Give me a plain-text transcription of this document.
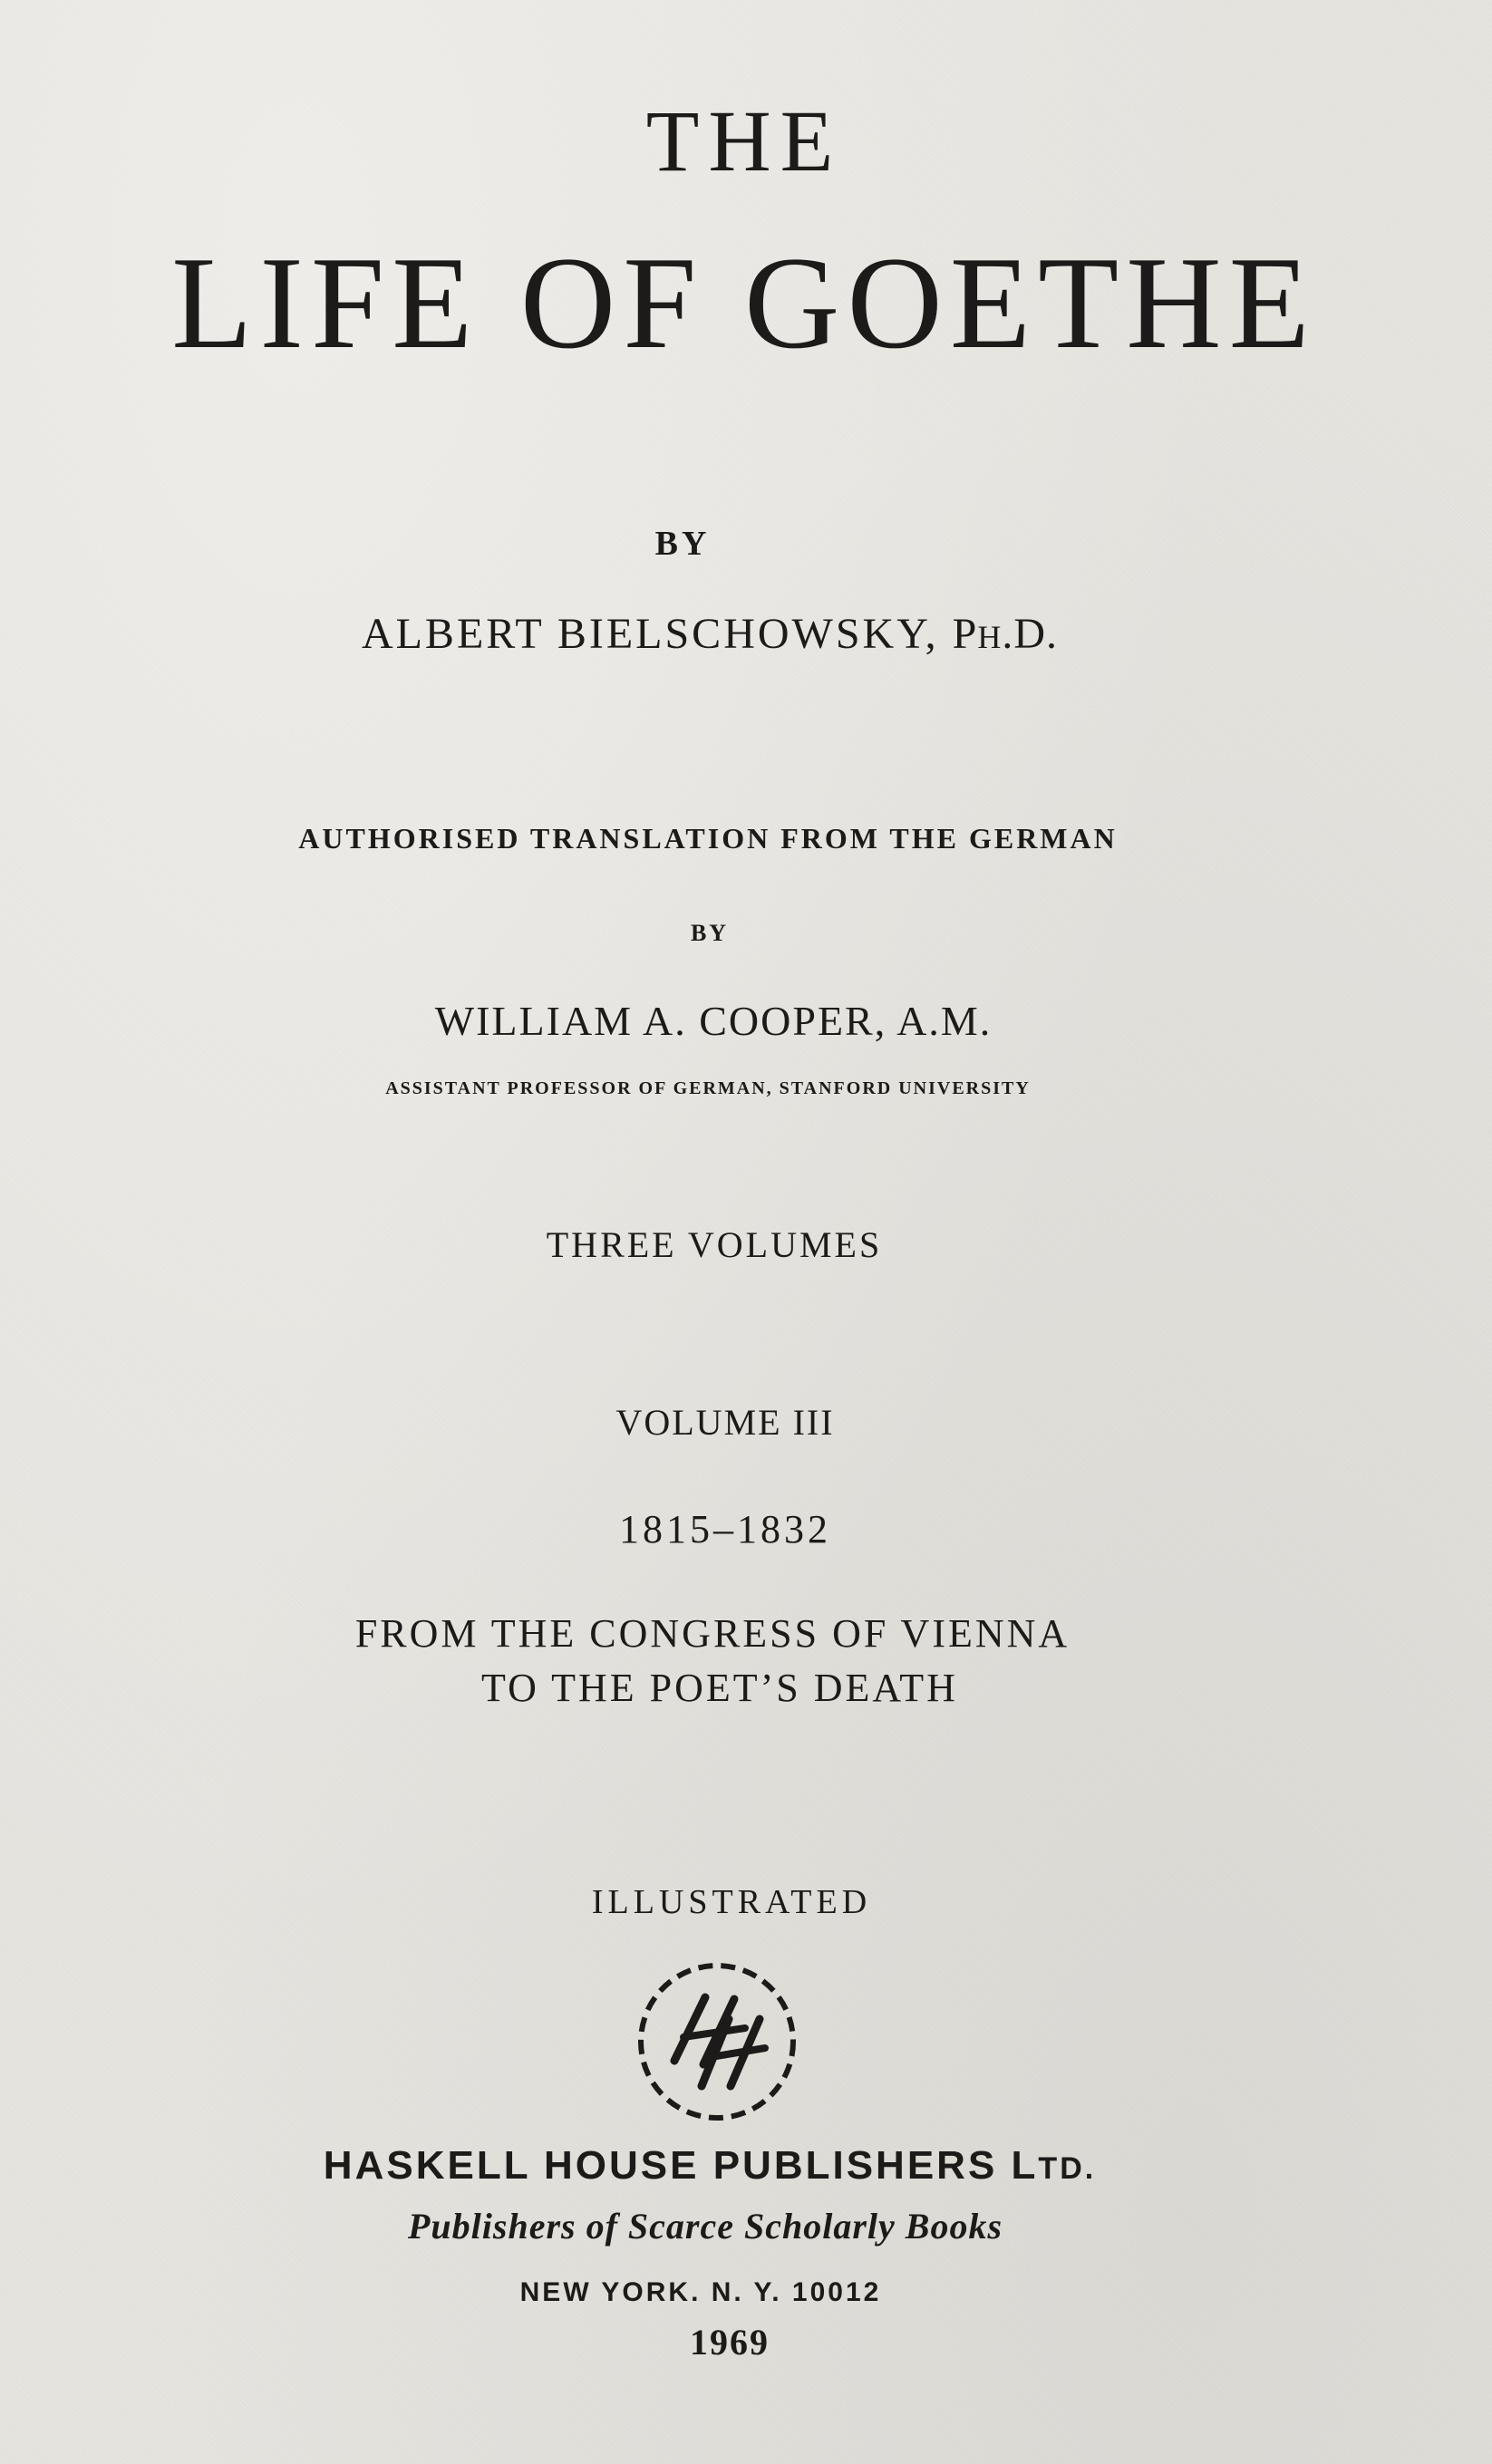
THE

LIFE OF GOETHE

BY

ALBERT BIELSCHOWSKY, PH.D.

AUTHORISED TRANSLATION FROM THE GERMAN

BY

WILLIAM A. COOPER, A.M.

ASSISTANT PROFESSOR OF GERMAN, STANFORD UNIVERSITY

THREE VOLUMES

VOLUME III

1815–1832

FROM THE CONGRESS OF VIENNA

TO THE POET’S DEATH

ILLUSTRATED

HASKELL HOUSE PUBLISHERS LTD.

Publishers of Scarce Scholarly Books

NEW YORK. N. Y. 10012

1969
